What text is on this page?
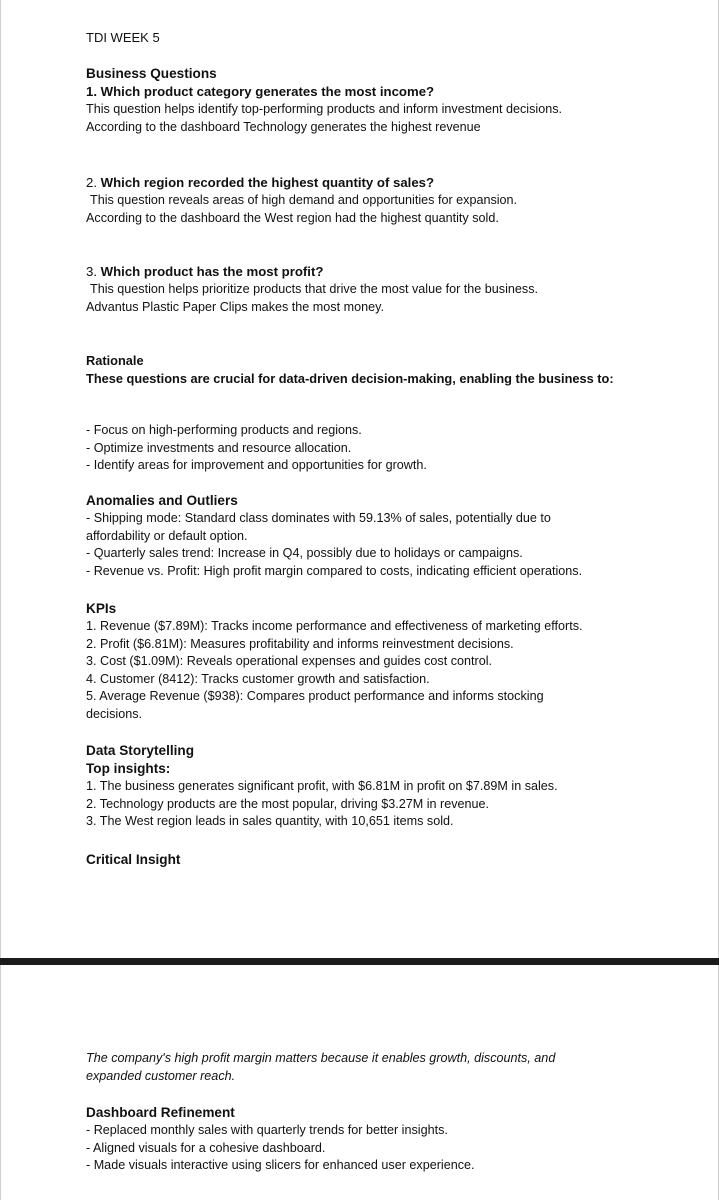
TDI WEEK 5

Business Questions

1. Which product category generates the most income?

This question helps identify top-performing products and inform investment decisions.

According to the dashboard Technology generates the highest revenue

2. Which region recorded the highest quantity of sales?

This question reveals areas of high demand and opportunities for expansion.

According to the dashboard the West region had the highest quantity sold.

3. Which product has the most profit?

This question helps prioritize products that drive the most value for the business.

Advantus Plastic Paper Clips makes the most money.

Rationale

These questions are crucial for data-driven decision-making, enabling the business to:

- Focus on high-performing products and regions.

- Optimize investments and resource allocation.

- Identify areas for improvement and opportunities for growth.

Anomalies and Outliers

- Shipping mode: Standard class dominates with 59.13% of sales, potentially due to affordability or default option.

- Quarterly sales trend: Increase in Q4, possibly due to holidays or campaigns.

- Revenue vs. Profit: High profit margin compared to costs, indicating efficient operations.

KPIs

1. Revenue ($7.89M): Tracks income performance and effectiveness of marketing efforts.

2. Profit ($6.81M): Measures profitability and informs reinvestment decisions.

3. Cost ($1.09M): Reveals operational expenses and guides cost control.

4. Customer (8412): Tracks customer growth and satisfaction.

5. Average Revenue ($938): Compares product performance and informs stocking decisions.

Data Storytelling

Top insights:

1. The business generates significant profit, with $6.81M in profit on $7.89M in sales.

2. Technology products are the most popular, driving $3.27M in revenue.

3. The West region leads in sales quantity, with 10,651 items sold.

Critical Insight

The company's high profit margin matters because it enables growth, discounts, and expanded customer reach.

Dashboard Refinement

- Replaced monthly sales with quarterly trends for better insights.

- Aligned visuals for a cohesive dashboard.

- Made visuals interactive using slicers for enhanced user experience.
